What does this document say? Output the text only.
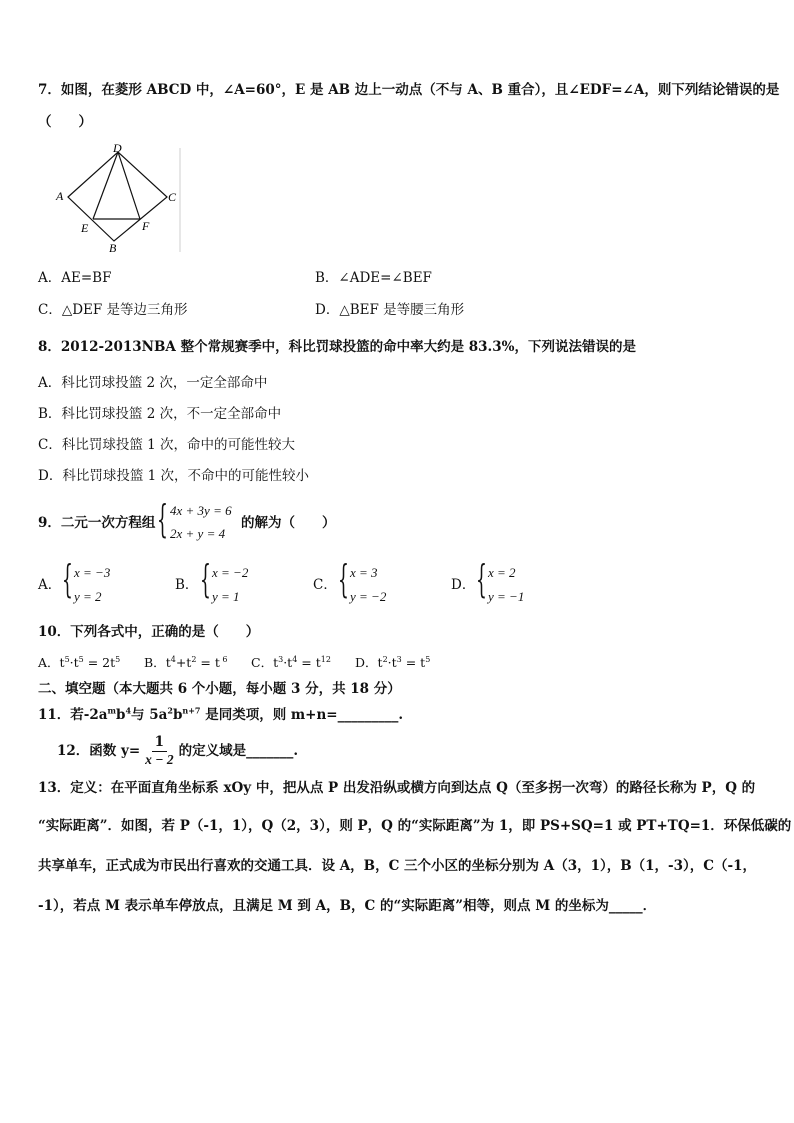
7．如图，在菱形 ABCD 中，∠A=60°，E 是 AB 边上一动点（不与 A、B 重合），且∠EDF=∠A，则下列结论错误的是
（　　）
D
A	C
E	F
B
A．AE=BF	B．∠ADE=∠BEF
C．△DEF 是等边三角形	D．△BEF 是等腰三角形
8．2012-2013NBA 整个常规赛季中，科比罚球投篮的命中率大约是 83.3%，下列说法错误的是
A．科比罚球投篮 2 次，一定全部命中
B．科比罚球投篮 2 次，不一定全部命中
C．科比罚球投篮 1 次，命中的可能性较大
D．科比罚球投篮 1 次，不命中的可能性较小
9．二元一次方程组 { 4x + 3y = 6
2x + y = 4
的解为（　　）
A． { x = −3
y = 2
B． { x = −2
y = 1
C． { x = 3
y = −2
D． { x = 2
y = −1
10．下列各式中，正确的是（　　）
A．$t^5\cdot t^5 = 2t^5$ B．$t^4+t^2 = t$ $^6$ C．$t^3\cdot t^4 = t^{12}$ D．$t^2\cdot t^3 = t^5$
二、填空题（本大题共 6 个小题，每小题 3 分，共 18 分）
11．若$-2a^mb^4$与 $5a^2b^{n+7}$ 是同类项，则 m+n=_________.
12．函数 $y= \frac{1}{x - 2}$ 的定义域是 _______ .
13．定义：在平面直角坐标系 xOy 中，把从点 P 出发沿纵或横方向到达点 Q（至多拐一次弯）的路径长称为 P，Q 的
“实际距离”．如图，若 P（-1，1），Q（2，3），则 P，Q 的“实际距离”为 1，即 PS+SQ=1 或 PT+TQ=1．环保低碳的
共享单车，正式成为市民出行喜欢的交通工具．设 A，B，C 三个小区的坐标分别为 A（3，1），B（1，-3），C（-1，
-1），若点 M 表示单车停放点，且满足 M 到 A，B，C 的“实际距离”相等，则点 M 的坐标为_____．
